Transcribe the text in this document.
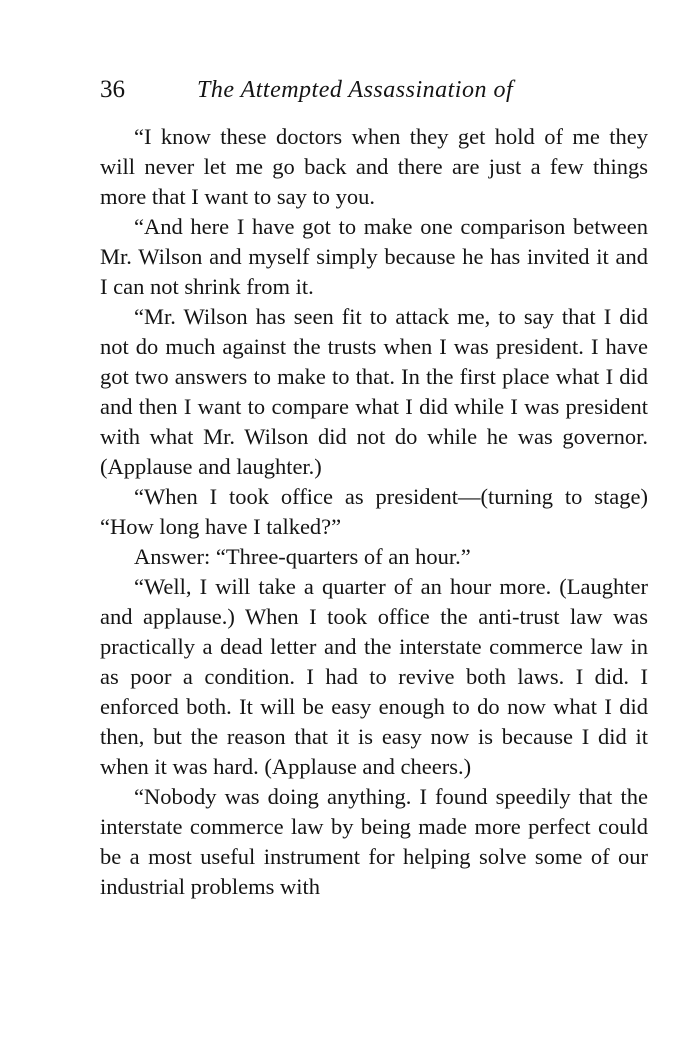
36	The Attempted Assassination of

“I know these doctors when they get hold of me they will never let me go back and there are just a few things more that I want to say to you.

“And here I have got to make one comparison between Mr. Wilson and myself simply because he has invited it and I can not shrink from it.

“Mr. Wilson has seen fit to attack me, to say that I did not do much against the trusts when I was president. I have got two answers to make to that. In the first place what I did and then I want to compare what I did while I was president with what Mr. Wilson did not do while he was governor. (Applause and laughter.)

“When I took office as president—(turning to stage) “How long have I talked?”

Answer: “Three-quarters of an hour.”

“Well, I will take a quarter of an hour more. (Laughter and applause.) When I took office the anti-trust law was practically a dead letter and the interstate commerce law in as poor a condition. I had to revive both laws. I did. I enforced both. It will be easy enough to do now what I did then, but the reason that it is easy now is because I did it when it was hard. (Applause and cheers.)

“Nobody was doing anything. I found speedily that the interstate commerce law by being made more perfect could be a most useful instrument for helping solve some of our industrial problems with
